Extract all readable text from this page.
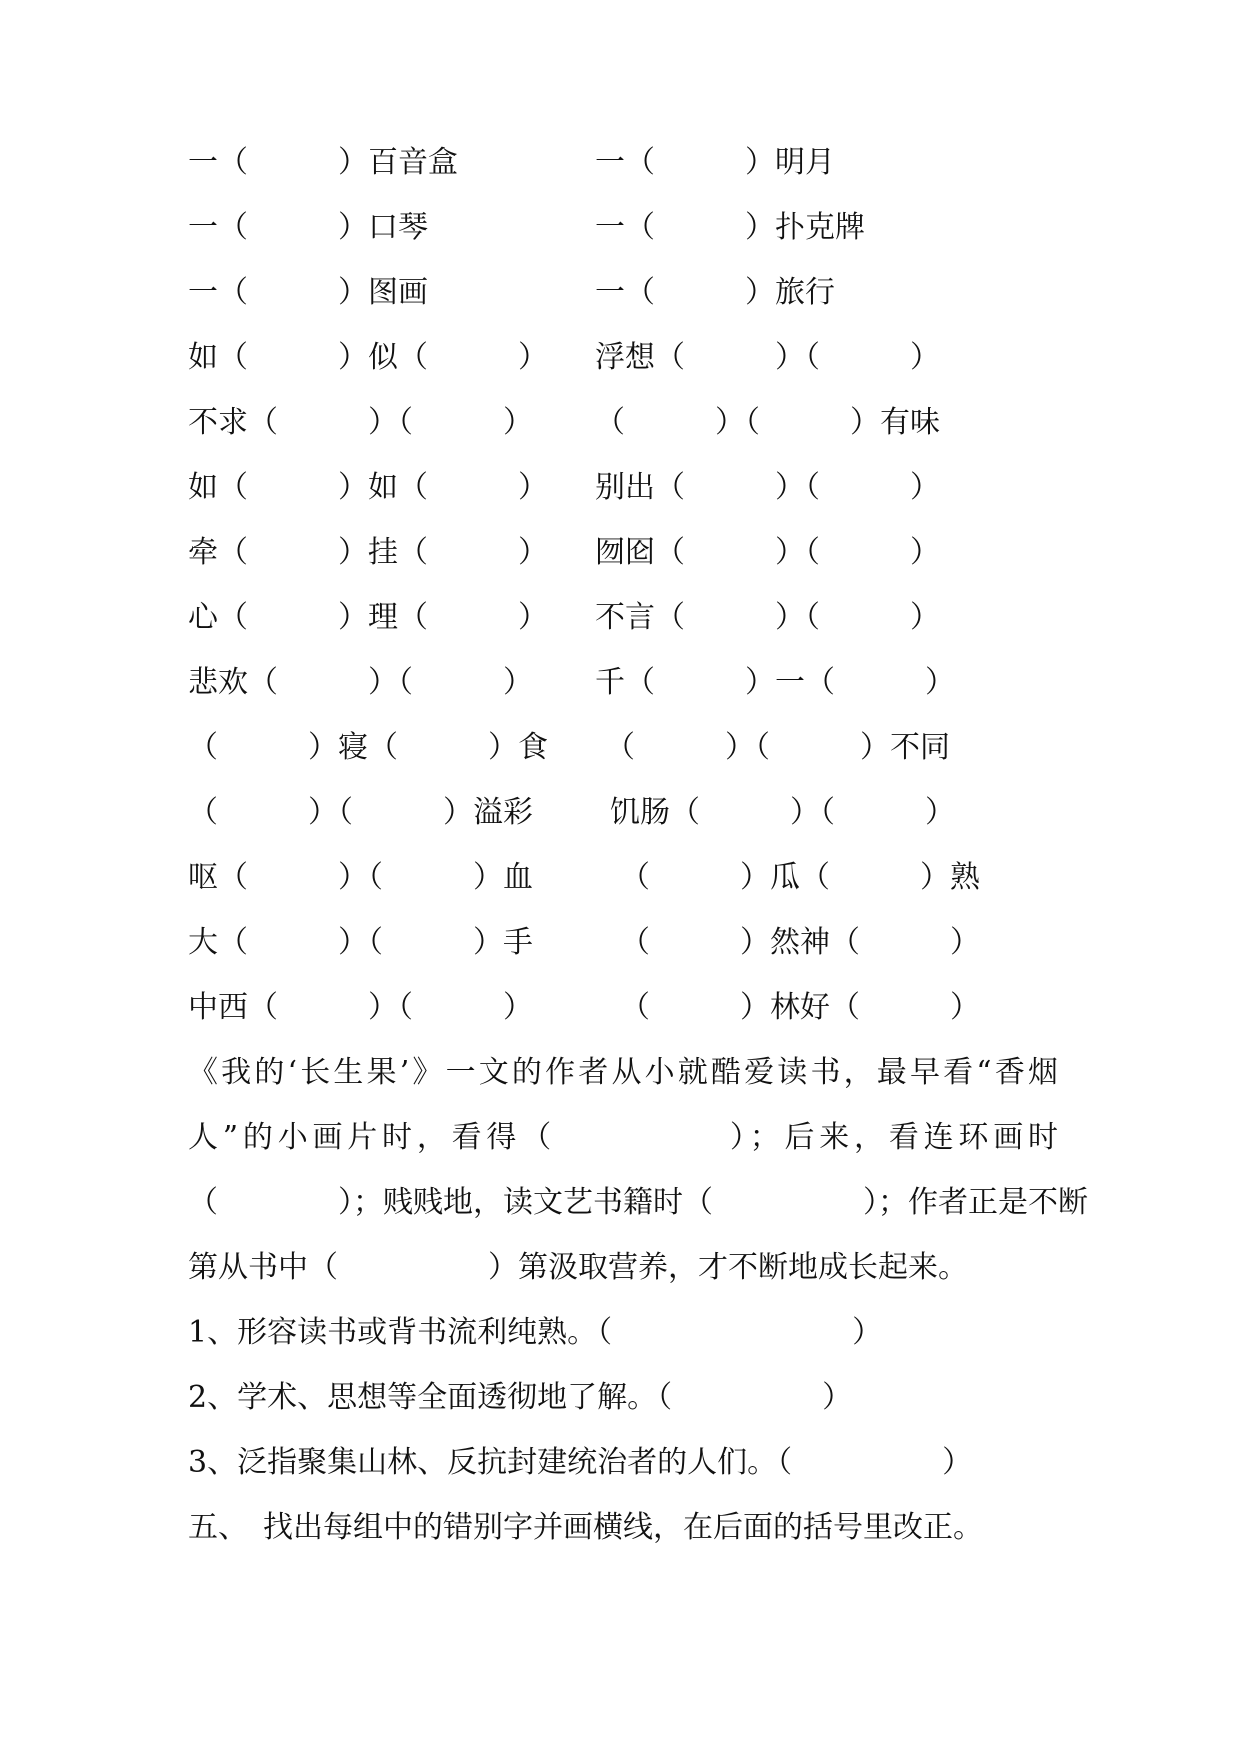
一（　　　）百音盒	一（　　　）明月
一（　　　）口琴	一（　　　）扑克牌
一（　　　）图画	一（　　　）旅行
如（　　　）似（　　　） 浮想（　　　）（　　　）
不求（　　　）（　　　） （　　　）（　　　）有味
如（　　　）如（　　　） 别出（　　　）（　　　）
牵（　　　）挂（　　　） 囫囵（　　　）（　　　）
心（　　　）理（　　　） 不言（　　　）（　　　）
悲欢（　　　）（　　　） 千（　　　）一（　　　）
（　　　）寝（　　　）食 （　　　）（　　　）不同
（　　　）（　　　）溢彩	饥肠（　　　）（　　　）
呕（　　　）（　　　）血	（　　　）瓜（　　　）熟
大（　　　）（　　　）手	（　　　）然神（　　　）
中西（　　　）（　　　）	（　　　）林好（　　　）
《我的‘长生果’》一文的作者从小就酷爱读书，最早看“香烟
人”的小画片时，看得（　　　　　）；后来，看连环画时
（　　　　）；贱贱地，读文艺书籍时（　　　　　）；作者正是不断
第从书中（　　　　　）第汲取营养，才不断地成长起来。
1、形容读书或背书流利纯熟。（　　　　　　　　）
2、学术、思想等全面透彻地了解。（　　　　　）
3、泛指聚集山林、反抗封建统治者的人们。（　　　　　）
五、　找出每组中的错别字并画横线，在后面的括号里改正。
